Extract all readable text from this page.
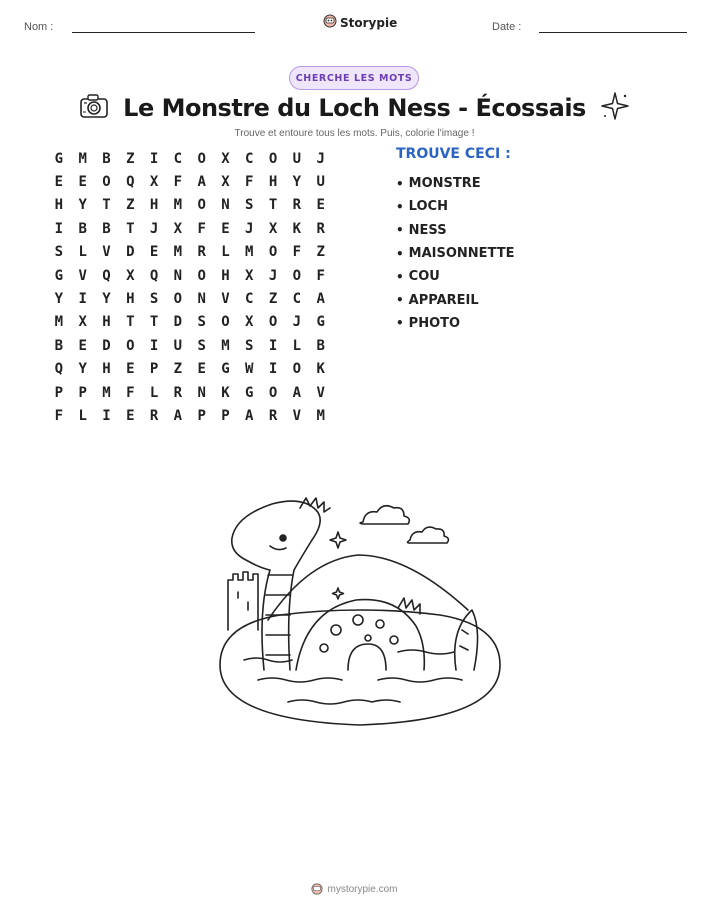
Nom :	Storypie	Date :
CHERCHE LES MOTS
Le Monstre du Loch Ness - Écossais
Trouve et entoure tous les mots. Puis, colorie l'image !
G	M	B	Z	I	C	O	X	C	O	U	J
E	E	O	Q	X	F	A	X	F	H	Y	U
H	Y	T	Z	H	M	O	N	S	T	R	E
I	B	B	T	J	X	F	E	J	X	K	R
S	L	V	D	E	M	R	L	M	O	F	Z
G	V	Q	X	Q	N	O	H	X	J	O	F
Y	I	Y	H	S	O	N	V	C	Z	C	A
M	X	H	T	T	D	S	O	X	O	J	G
B	E	D	O	I	U	S	M	S	I	L	B
Q	Y	H	E	P	Z	E	G	W	I	O	K
P	P	M	F	L	R	N	K	G	O	A	V
F	L	I	E	R	A	P	P	A	R	V	M
TROUVE CECI :
• MONSTRE
• LOCH
• NESS
• MAISONNETTE
• COU
• APPAREIL
• PHOTO
mystorypie.com
